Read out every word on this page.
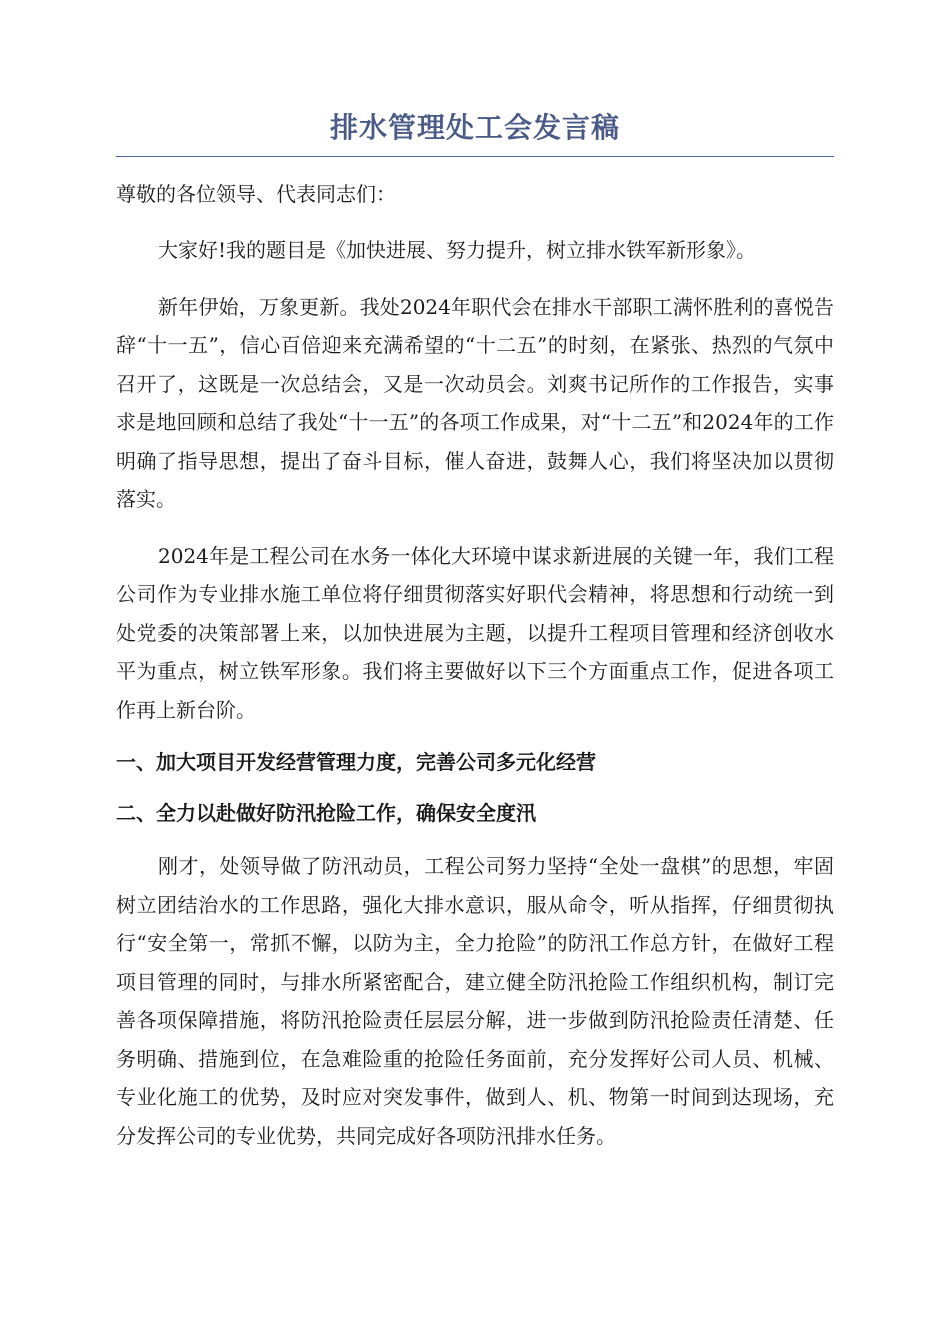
排水管理处工会发言稿

尊敬的各位领导、代表同志们：

大家好!我的题目是《加快进展、努力提升，树立排水铁军新形象》。

新年伊始，万象更新。我处2024年职代会在排水干部职工满怀胜利的喜悦告辞“十一五”，信心百倍迎来充满希望的“十二五”的时刻，在紧张、热烈的气氛中召开了，这既是一次总结会，又是一次动员会。刘爽书记所作的工作报告，实事求是地回顾和总结了我处“十一五”的各项工作成果，对“十二五”和2024年的工作明确了指导思想，提出了奋斗目标，催人奋进，鼓舞人心，我们将坚决加以贯彻落实。

2024年是工程公司在水务一体化大环境中谋求新进展的关键一年，我们工程公司作为专业排水施工单位将仔细贯彻落实好职代会精神，将思想和行动统一到处党委的决策部署上来，以加快进展为主题，以提升工程项目管理和经济创收水平为重点，树立铁军形象。我们将主要做好以下三个方面重点工作，促进各项工作再上新台阶。

一、加大项目开发经营管理力度，完善公司多元化经营

二、全力以赴做好防汛抢险工作，确保安全度汛

刚才，处领导做了防汛动员，工程公司努力坚持“全处一盘棋”的思想，牢固树立团结治水的工作思路，强化大排水意识，服从命令，听从指挥，仔细贯彻执行“安全第一，常抓不懈，以防为主，全力抢险”的防汛工作总方针，在做好工程项目管理的同时，与排水所紧密配合，建立健全防汛抢险工作组织机构，制订完善各项保障措施，将防汛抢险责任层层分解，进一步做到防汛抢险责任清楚、任务明确、措施到位，在急难险重的抢险任务面前，充分发挥好公司人员、机械、专业化施工的优势，及时应对突发事件，做到人、机、物第一时间到达现场，充分发挥公司的专业优势，共同完成好各项防汛排水任务。
